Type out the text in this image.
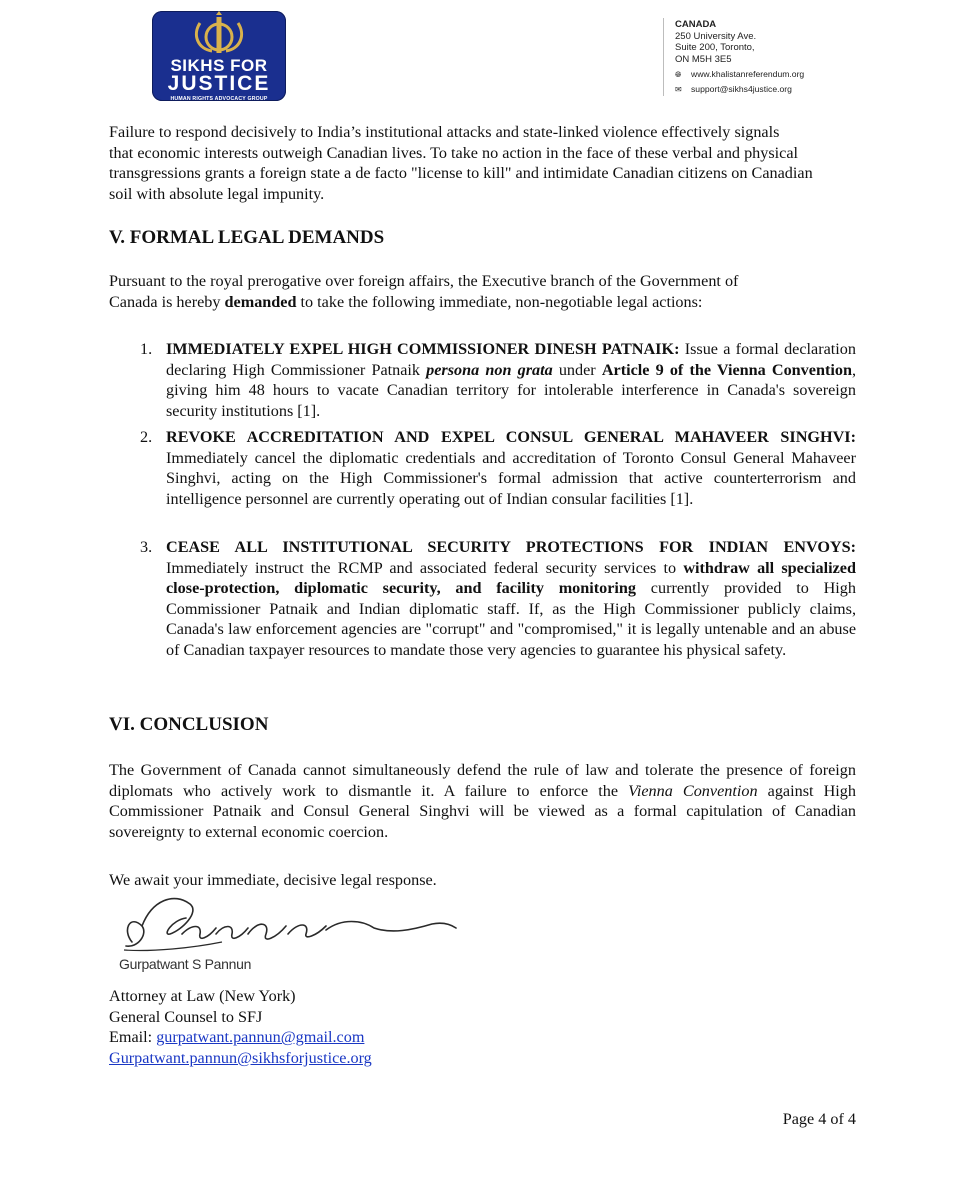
SIKHS FOR
JUSTICE
HUMAN RIGHTS ADVOCACY GROUP
CANADA
250 University Ave.
Suite 200, Toronto,
ON M5H 3E5
🌐︎ www.khalistanreferendum.org
✉ support@sikhs4justice.org
Failure to respond decisively to India’s institutional attacks and state-linked violence effectively signals
that economic interests outweigh Canadian lives. To take no action in the face of these verbal and physical
transgressions grants a foreign state a de facto "license to kill" and intimidate Canadian citizens on Canadian
soil with absolute legal impunity.
V. FORMAL LEGAL DEMANDS
Pursuant to the royal prerogative over foreign affairs, the Executive branch of the Government of
Canada is hereby demanded to take the following immediate, non-negotiable legal actions:
1. IMMEDIATELY EXPEL HIGH COMMISSIONER DINESH PATNAIK: Issue a formal declaration declaring High Commissioner Patnaik persona non grata under Article 9 of the Vienna Convention, giving him 48 hours to vacate Canadian territory for intolerable interference in Canada's sovereign security institutions [1].
2. REVOKE ACCREDITATION AND EXPEL CONSUL GENERAL MAHAVEER SINGHVI: Immediately cancel the diplomatic credentials and accreditation of Toronto Consul General Mahaveer Singhvi, acting on the High Commissioner's formal admission that active counterterrorism and intelligence personnel are currently operating out of Indian consular facilities [1].
3. CEASE ALL INSTITUTIONAL SECURITY PROTECTIONS FOR INDIAN ENVOYS: Immediately instruct the RCMP and associated federal security services to withdraw all specialized close-protection, diplomatic security, and facility monitoring currently provided to High Commissioner Patnaik and Indian diplomatic staff. If, as the High Commissioner publicly claims, Canada's law enforcement agencies are "corrupt" and "compromised," it is legally untenable and an abuse of Canadian taxpayer resources to mandate those very agencies to guarantee his physical safety.
VI. CONCLUSION
The Government of Canada cannot simultaneously defend the rule of law and tolerate the presence of foreign diplomats who actively work to dismantle it. A failure to enforce the Vienna Convention against High Commissioner Patnaik and Consul General Singhvi will be viewed as a formal capitulation of Canadian sovereignty to external economic coercion.
We await your immediate, decisive legal response.
Gurpatwant S Pannun
Attorney at Law (New York)
General Counsel to SFJ
Email: gurpatwant.pannun@gmail.com
Gurpatwant.pannun@sikhsforjustice.org
Page 4 of 4
